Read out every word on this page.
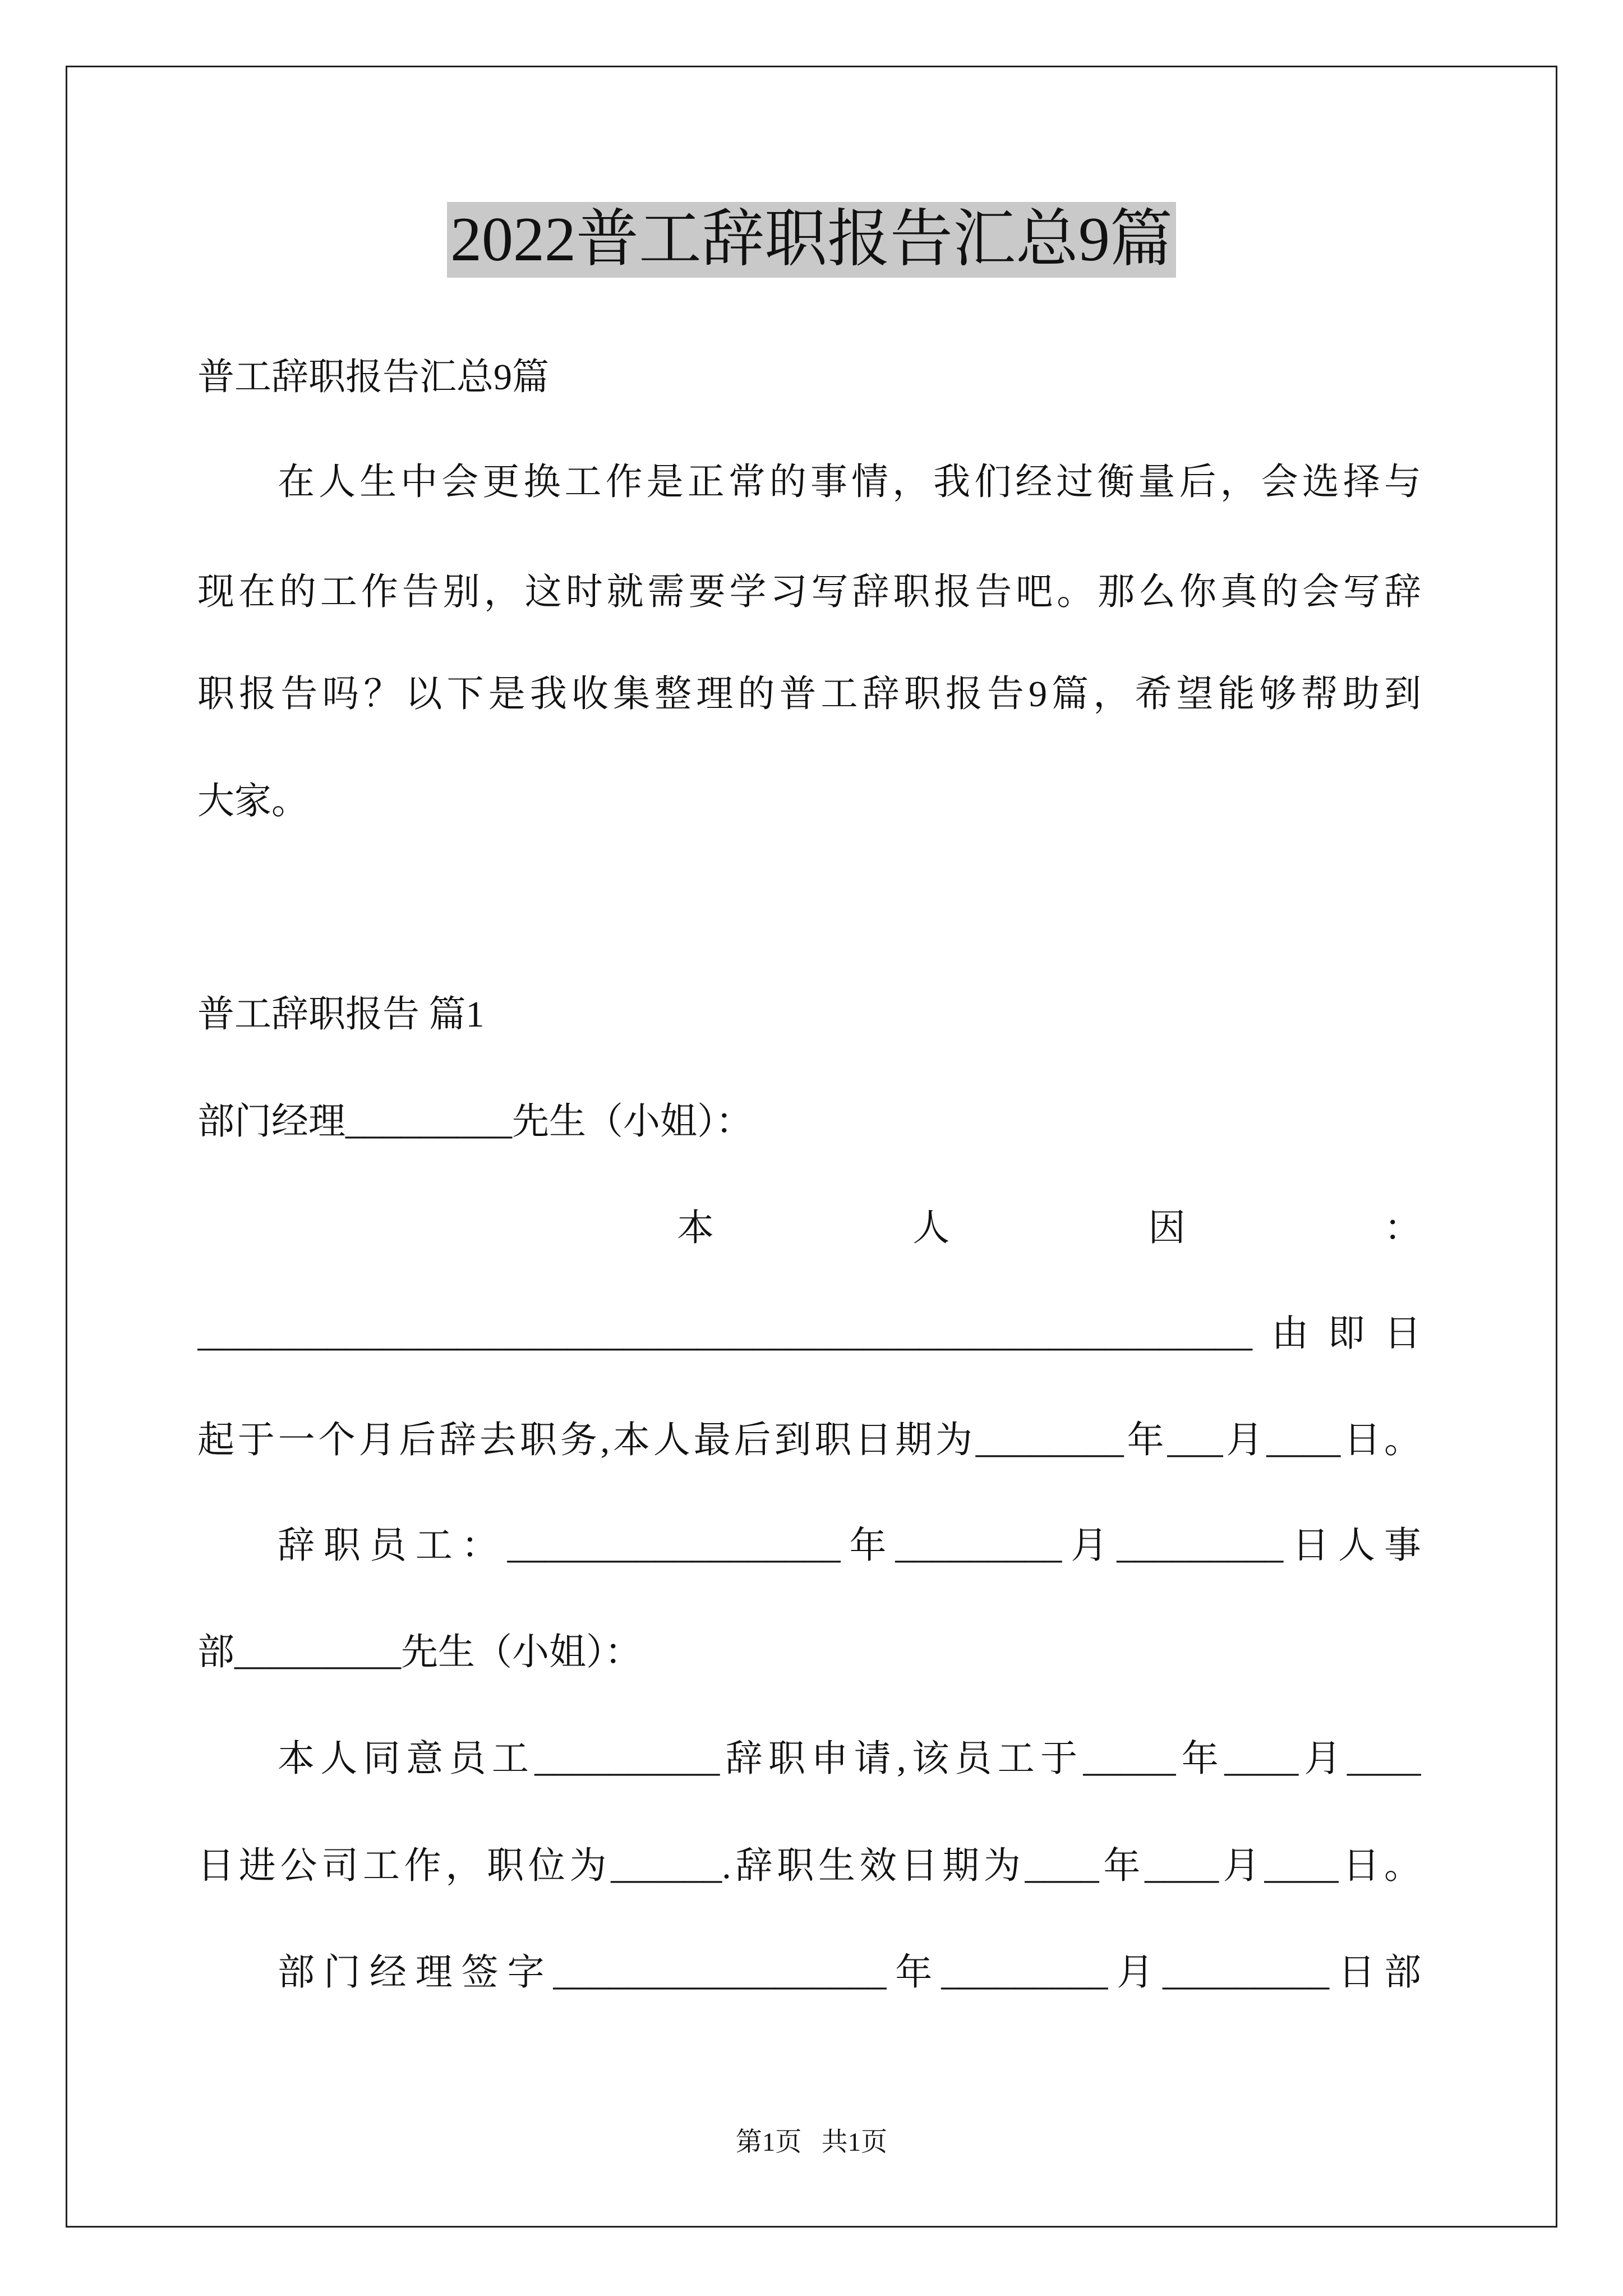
2022普工辞职报告汇总9篇
普工辞职报告汇总9篇
在人生中会更换工作是正常的事情，我们经过衡量后，会选择与
现在的工作告别，这时就需要学习写辞职报告吧。那么你真的会写辞
职报告吗？以下是我收集整理的普工辞职报告9篇，希望能够帮助到
大家。
普工辞职报告 篇1
部门经理_________先生（小姐）：
本	人	因	：
_________________________________________________________由即日
起于一个月后辞去职务,本人最后到职日期为________年___月____日。
辞职员工：__________________年_________月_________日人事
部_________先生（小姐）：
本人同意员工__________辞职申请,该员工于_____年____月____
日进公司工作，职位为______.辞职生效日期为____年____月____日。
部门经理签字__________________年_________月_________日部
第1页   共1页
